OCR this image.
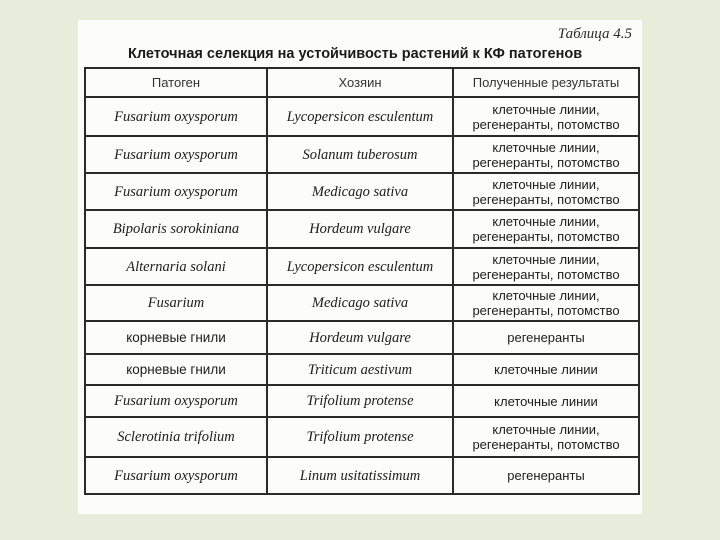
Таблица 4.5
Клеточная селекция на устойчивость растений к КФ патогенов
Патоген	Хозяин	Полученные результаты
Fusarium oxysporum	Lycopersicon esculentum	клеточные линии, регенеранты, потомство
Fusarium oxysporum	Solanum tuberosum	клеточные линии, регенеранты, потомство
Fusarium oxysporum	Medicago sativa	клеточные линии, регенеранты, потомство
Bipolaris sorokiniana	Hordeum vulgare	клеточные линии, регенеранты, потомство
Alternaria solani	Lycopersicon esculentum	клеточные линии, регенеранты, потомство
Fusarium	Medicago sativa	клеточные линии, регенеранты, потомство
корневые гнили	Hordeum vulgare	регенеранты
корневые гнили	Triticum aestivum	клеточные линии
Fusarium oxysporum	Trifolium protense	клеточные линии
Sclerotinia trifolium	Trifolium protense	клеточные линии, регенеранты, потомство
Fusarium oxysporum	Linum usitatissimum	регенеранты
